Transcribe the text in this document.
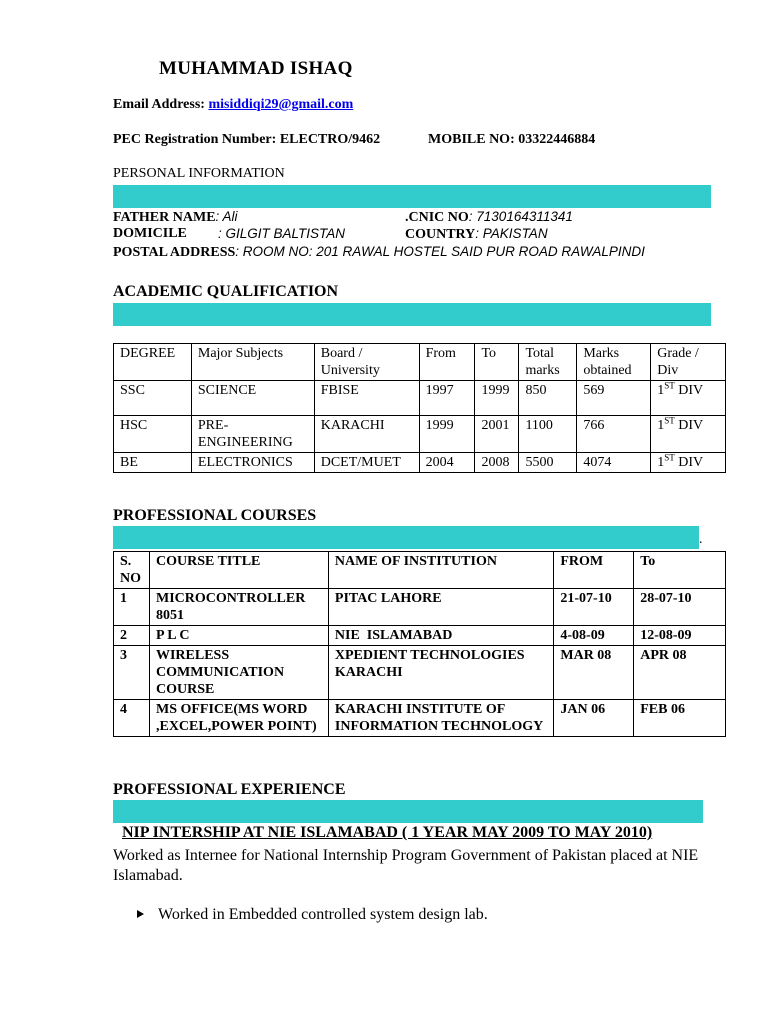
MUHAMMAD ISHAQ
Email Address: misiddiqi29@gmail.com
PEC Registration Number: ELECTRO/9462	MOBILE NO: 03322446884
PERSONAL INFORMATION
FATHER NAME: Ali	.CNIC NO: 7130164311341
DOMICILE : GILGIT BALTISTAN	COUNTRY: PAKISTAN
POSTAL ADDRESS: ROOM NO: 201 RAWAL HOSTEL SAID PUR ROAD RAWALPINDI
ACADEMIC QUALIFICATION
DEGREE	Major Subjects	Board / University	From	To	Total marks	Marks obtained	Grade / Div
SSC	SCIENCE	FBISE	1997	1999	850	569	1ST DIV
HSC	PRE-ENGINEERING	KARACHI	1999	2001	1100	766	1ST DIV
BE	ELECTRONICS	DCET/MUET	2004	2008	5500	4074	1ST DIV
PROFESSIONAL COURSES
.
S. NO	COURSE TITLE	NAME OF INSTITUTION	FROM	To
1	MICROCONTROLLER 8051	PITAC LAHORE	21-07-10	28-07-10
2	P L C	NIE  ISLAMABAD	4-08-09	12-08-09
3	WIRELESS COMMUNICATION COURSE	XPEDIENT TECHNOLOGIES KARACHI	MAR 08	APR 08
4	MS OFFICE(MS WORD ,EXCEL,POWER POINT)	KARACHI INSTITUTE OF INFORMATION TECHNOLOGY	JAN 06	FEB 06
PROFESSIONAL EXPERIENCE
NIP INTERSHIP AT NIE ISLAMABAD ( 1 YEAR MAY 2009 TO MAY 2010)
Worked as Internee for National Internship Program Government of Pakistan placed at NIE Islamabad.
Worked in Embedded controlled system design lab.
